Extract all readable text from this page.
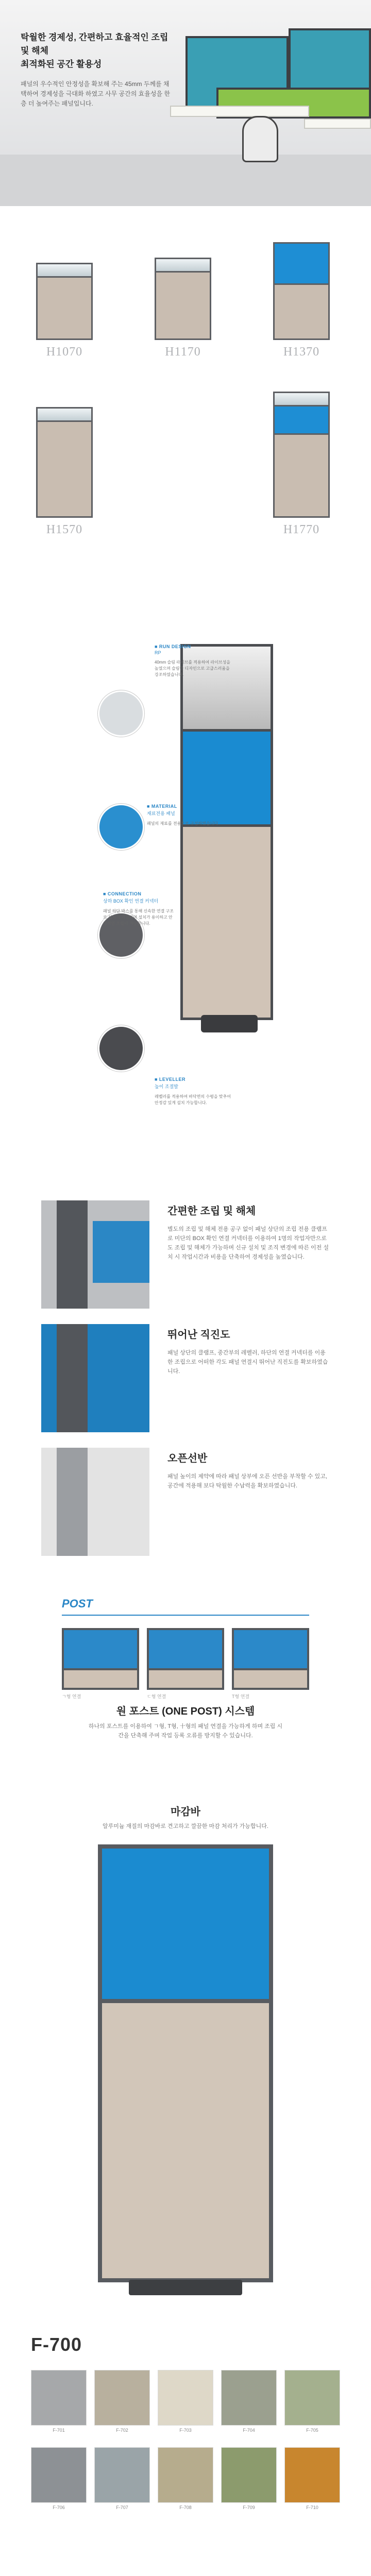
탁월한 경제성, 간편하고 효율적인 조립 및 해체
최적화된 공간 활용성
패널의 우수적인 안정성을 확보해 주는 45mm 두께를 채택하여 경제성을 극대화 하였고 사무 공간의 효율성을 한층 더 높여주는 패널입니다.
H1070	H1170	H1370
H1570	H1770
■ RUN DESIGN
RP
40mm 슬림 라이브를 적용하여 라이브성을 높였으며 슬림한 디자인으로 고급스러움을 강조하였습니다.
■ MATERIAL
재료전용 패널
패널의 재료를 전용으로 구성하였습니다
■ CONNECTION
상하 BOX 확인 연결 커넥터
패널 하단 박스를 통해 신속한 연결 구조로 설치가 가능하며 설치가 용이하고 안정적인 조립이 가능합니다.
■ LEVELLER
높이 조절발
레벨러를 적용하여 바닥면의 수평을 맞추어 안정감 있게 설치 가능합니다.
간편한 조립 및 해체
별도의 조립 및 해체 전용 공구 없이 패널 상단의 조립 전용 클램프로 미단의 BOX 확인 연결 커넥터를 이용하여 1명의 작업자만으로도 조립 및 해체가 가능하며 신규 설치 및 조직 변경에 따른 이전 설치 시 작업시간과 비용을 단축하여 경제성을 높였습니다.
뛰어난 직진도
패널 상단의 클램프, 중간부의 레벨러, 하단의 연결 커넥터를 이용한 조립으로 어떠한 각도 패널 연결시 뛰어난 직진도를 확보하였습니다.
오픈선반
패널 높이의 제약에 따라 패널 상부에 오픈 선반을 부착할 수 있고, 공간에 적용해 보다 탁월한 수납력을 확보하였습니다.
POST
ㄱ형 연결	ㄷ형 연결	T형 연결
원 포스트 (ONE POST) 시스템
하나의 포스트를 이용하여 ㄱ형, T형, 十형의 패널 연결을 가능하게 하며 조립 시간을 단축해 주며 작업 등록 오류를 방지할 수 있습니다.
마감바
알루미늄 재질의 마감바로 견고하고 깔끔한 마감 처리가 가능합니다.
F-700
F-701	F-702	F-703	F-704	F-705
F-706	F-707	F-708	F-709	F-710
